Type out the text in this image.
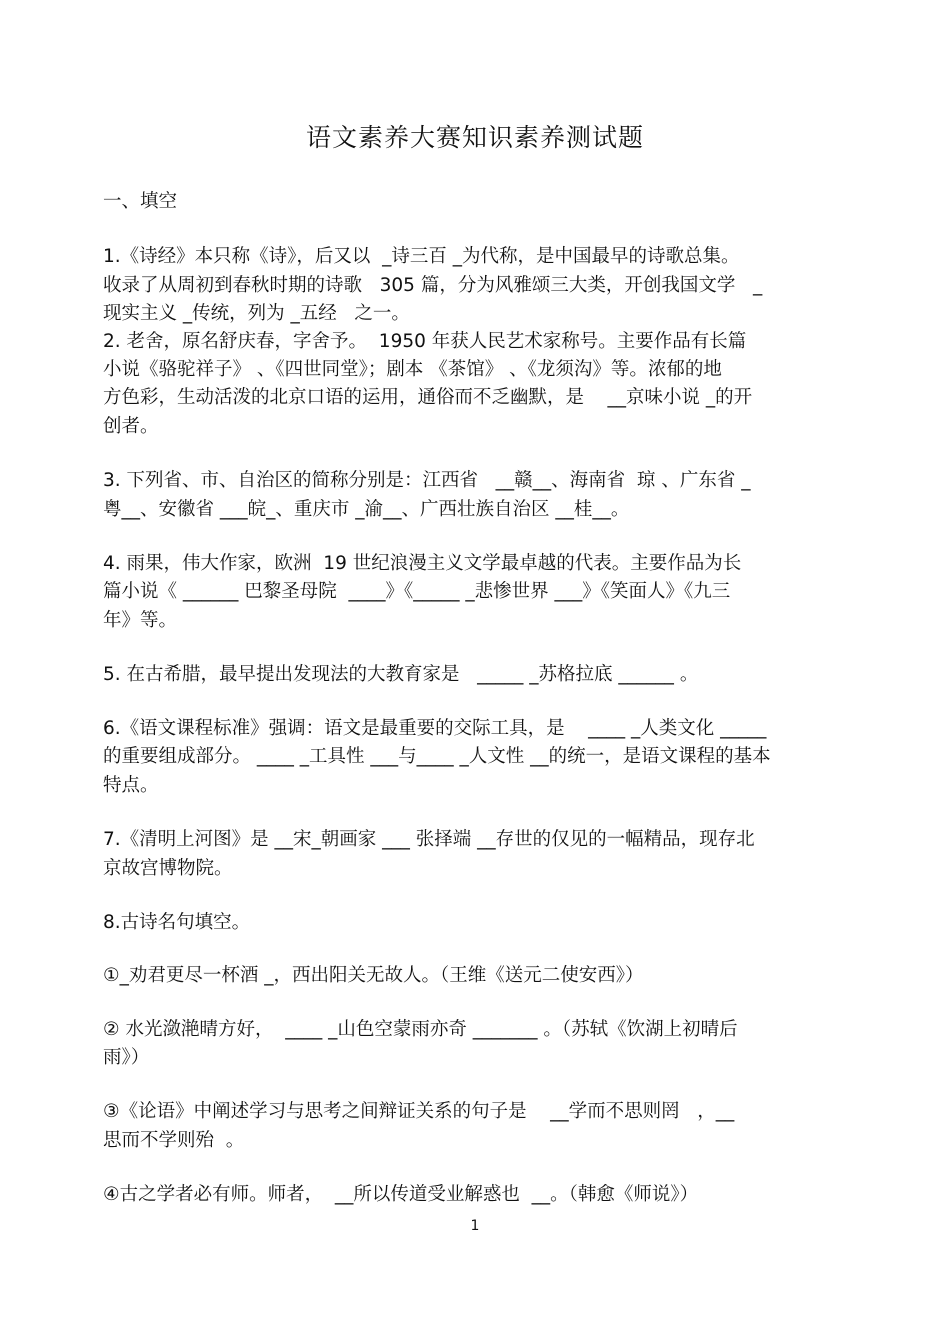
语文素养大赛知识素养测试题
一、填空
1.《诗经》本只称《诗》，后又以  _诗三百 _为代称，是中国最早的诗歌总集。
收录了从周初到春秋时期的诗歌   305 篇，分为风雅颂三大类，开创我国文学   _
现实主义 _传统，列为 _五经   之一。
2. 老舍，原名舒庆春，字舍予。  1950 年获人民艺术家称号。主要作品有长篇
小说《骆驼祥子》 、《四世同堂》；剧本 《茶馆》 、《龙须沟》等。浓郁的地
方色彩，生动活泼的北京口语的运用，通俗而不乏幽默，是    __京味小说 _的开
创者。
3. 下列省、市、自治区的简称分别是：江西省   __赣__、海南省  琼 、广东省 _
粤__、安徽省 ___皖_、重庆市 _渝__、广西壮族自治区 __桂__。
4. 雨果，伟大作家，欧洲  19 世纪浪漫主义文学最卓越的代表。主要作品为长
篇小说《 ______ 巴黎圣母院  ____》《_____ _悲惨世界 ___》《笑面人》《九三
年》等。
5. 在古希腊，最早提出发现法的大教育家是   _____ _苏格拉底 ______ 。
6.《语文课程标准》强调：语文是最重要的交际工具，是    ____ _人类文化 _____
的重要组成部分。 ____ _工具性 ___与____ _人文性 __的统一，是语文课程的基本
特点。
7.《清明上河图》是 __宋_朝画家 ___ 张择端 __存世的仅见的一幅精品，现存北
京故宫博物院。
8.古诗名句填空。
①_劝君更尽一杯酒 _，西出阳关无故人。（王维《送元二使安西》）
② 水光潋滟晴方好，  ____ _山色空蒙雨亦奇 _______ 。（苏轼《饮湖上初晴后
雨》）
③《论语》中阐述学习与思考之间辩证关系的句子是    __学而不思则罔   ，__
思而不学则殆  。
④古之学者必有师。师者，  __所以传道受业解惑也  __。（韩愈《师说》）
1
